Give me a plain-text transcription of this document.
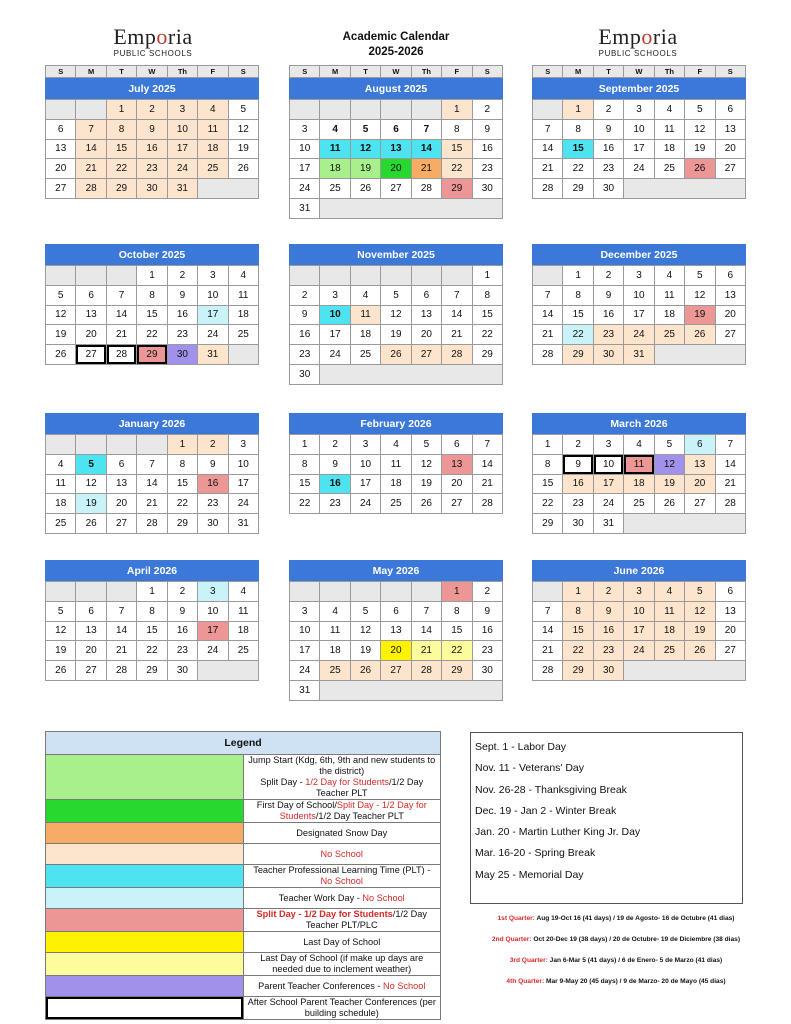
Emporia
PUBLIC SCHOOLS
Emporia
PUBLIC SCHOOLS
Academic Calendar
2025-2026
S	M	T	W	Th	F	S
July 2025
		1	2	3	4	5
6	7	8	9	10	11	12
13	14	15	16	17	18	19
20	21	22	23	24	25	26
27	28	29	30	31		
S	M	T	W	Th	F	S
August 2025
					1	2
3	4	5	6	7	8	9
10	11	12	13	14	15	16
17	18	19	20	21	22	23
24	25	26	27	28	29	30
31						
S	M	T	W	Th	F	S
September 2025
	1	2	3	4	5	6
7	8	9	10	11	12	13
14	15	16	17	18	19	20
21	22	23	24	25	26	27
28	29	30				
October 2025
			1	2	3	4
5	6	7	8	9	10	11
12	13	14	15	16	17	18
19	20	21	22	23	24	25
26	27	28	29	30	31	
November 2025
						1
2	3	4	5	6	7	8
9	10	11	12	13	14	15
16	17	18	19	20	21	22
23	24	25	26	27	28	29
30						
December 2025
	1	2	3	4	5	6
7	8	9	10	11	12	13
14	15	16	17	18	19	20
21	22	23	24	25	26	27
28	29	30	31			
January 2026
				1	2	3
4	5	6	7	8	9	10
11	12	13	14	15	16	17
18	19	20	21	22	23	24
25	26	27	28	29	30	31
February 2026
1	2	3	4	5	6	7
8	9	10	11	12	13	14
15	16	17	18	19	20	21
22	23	24	25	26	27	28
March 2026
1	2	3	4	5	6	7
8	9	10	11	12	13	14
15	16	17	18	19	20	21
22	23	24	25	26	27	28
29	30	31				
April 2026
			1	2	3	4
5	6	7	8	9	10	11
12	13	14	15	16	17	18
19	20	21	22	23	24	25
26	27	28	29	30		
May 2026
					1	2
3	4	5	6	7	8	9
10	11	12	13	14	15	16
17	18	19	20	21	22	23
24	25	26	27	28	29	30
31						
June 2026
	1	2	3	4	5	6
7	8	9	10	11	12	13
14	15	16	17	18	19	20
21	22	23	24	25	26	27
28	29	30				
Legend	
	Jump Start (Kdg, 6th, 9th and new students to the district)
Split Day - 1/2 Day for Students/1/2 Day Teacher PLT
	First Day of School/Split Day - 1/2 Day for Students/1/2 Day Teacher PLT
	Designated Snow Day
	No School
	Teacher Professional Learning Time (PLT) - No School
	Teacher Work Day - No School
	Split Day - 1/2 Day for Students/1/2 Day Teacher PLT/PLC
	Last Day of School
	Last Day of School (if make up days are needed due to inclement weather)
	Parent Teacher Conferences - No School
	After School Parent Teacher Conferences (per building schedule)
Sept. 1 - Labor Day
Nov. 11 - Veterans' Day
Nov. 26-28 - Thanksgiving Break
Dec. 19 - Jan 2 - Winter Break
Jan. 20 - Martin Luther King Jr. Day
Mar. 16-20 - Spring Break
May 25 - Memorial Day
1st Quarter: Aug 19-Oct 16 (41 days) / 19 de Agosto- 16 de Octubre (41 dias)
2nd Quarter: Oct 20-Dec 19 (38 days) / 20 de Octubre- 19 de Diciembre (38 dias)
3rd Quarter: Jan 6-Mar 5 (41 days) / 6 de Enero- 5 de Marzo (41 dias)
4th Quarter: Mar 9-May 20 (45 days) / 9 de Marzo- 20 de Mayo (45 dias)
